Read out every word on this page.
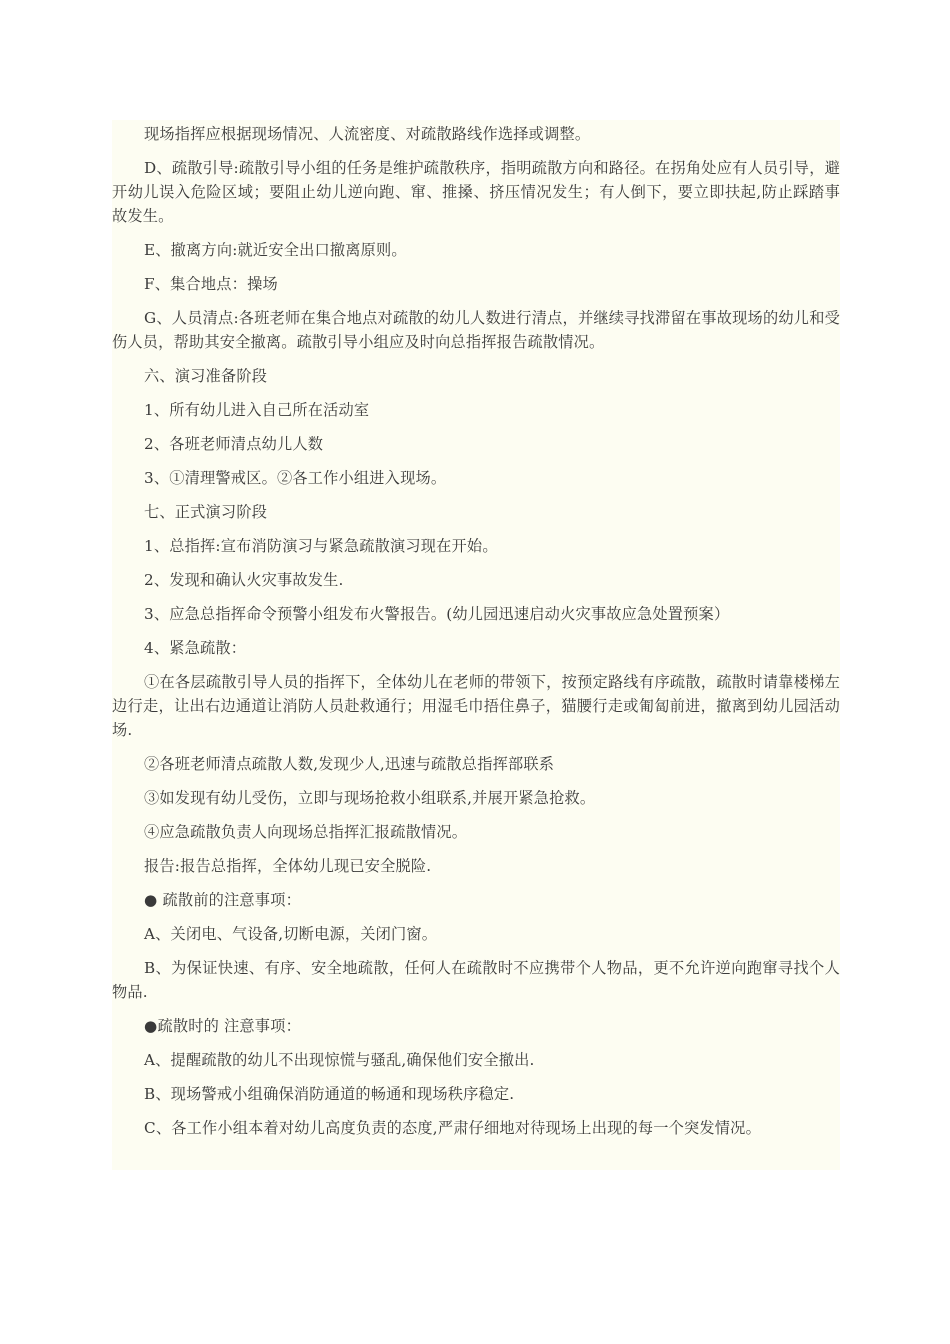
现场指挥应根据现场情况、人流密度、对疏散路线作选择或调整。

D、疏散引导:疏散引导小组的任务是维护疏散秩序，指明疏散方向和路径。在拐角处应有人员引导，避开幼儿误入危险区域；要阻止幼儿逆向跑、窜、推搡、挤压情况发生；有人倒下，要立即扶起,防止踩踏事故发生。

E、撤离方向:就近安全出口撤离原则。

F、集合地点：操场

G、人员清点:各班老师在集合地点对疏散的幼儿人数进行清点，并继续寻找滞留在事故现场的幼儿和受伤人员，帮助其安全撤离。疏散引导小组应及时向总指挥报告疏散情况。

六、演习准备阶段

1、所有幼儿进入自己所在活动室

2、各班老师清点幼儿人数

3、①清理警戒区。②各工作小组进入现场。

七、正式演习阶段

1、总指挥:宣布消防演习与紧急疏散演习现在开始。

2、发现和确认火灾事故发生.

3、应急总指挥命令预警小组发布火警报告。(幼儿园迅速启动火灾事故应急处置预案）

4、紧急疏散：

①在各层疏散引导人员的指挥下，全体幼儿在老师的带领下，按预定路线有序疏散，疏散时请靠楼梯左边行走，让出右边通道让消防人员赴救通行；用湿毛巾捂住鼻子，猫腰行走或匍匐前进，撤离到幼儿园活动场.

②各班老师清点疏散人数,发现少人,迅速与疏散总指挥部联系

③如发现有幼儿受伤，立即与现场抢救小组联系,并展开紧急抢救。

④应急疏散负责人向现场总指挥汇报疏散情况。

报告:报告总指挥，全体幼儿现已安全脱险.

● 疏散前的注意事项：

A、关闭电、气设备,切断电源，关闭门窗。

B、为保证快速、有序、安全地疏散，任何人在疏散时不应携带个人物品，更不允许逆向跑窜寻找个人物品.

●疏散时的 注意事项：

A、提醒疏散的幼儿不出现惊慌与骚乱,确保他们安全撤出.

B、现场警戒小组确保消防通道的畅通和现场秩序稳定.

C、各工作小组本着对幼儿高度负责的态度,严肃仔细地对待现场上出现的每一个突发情况。
